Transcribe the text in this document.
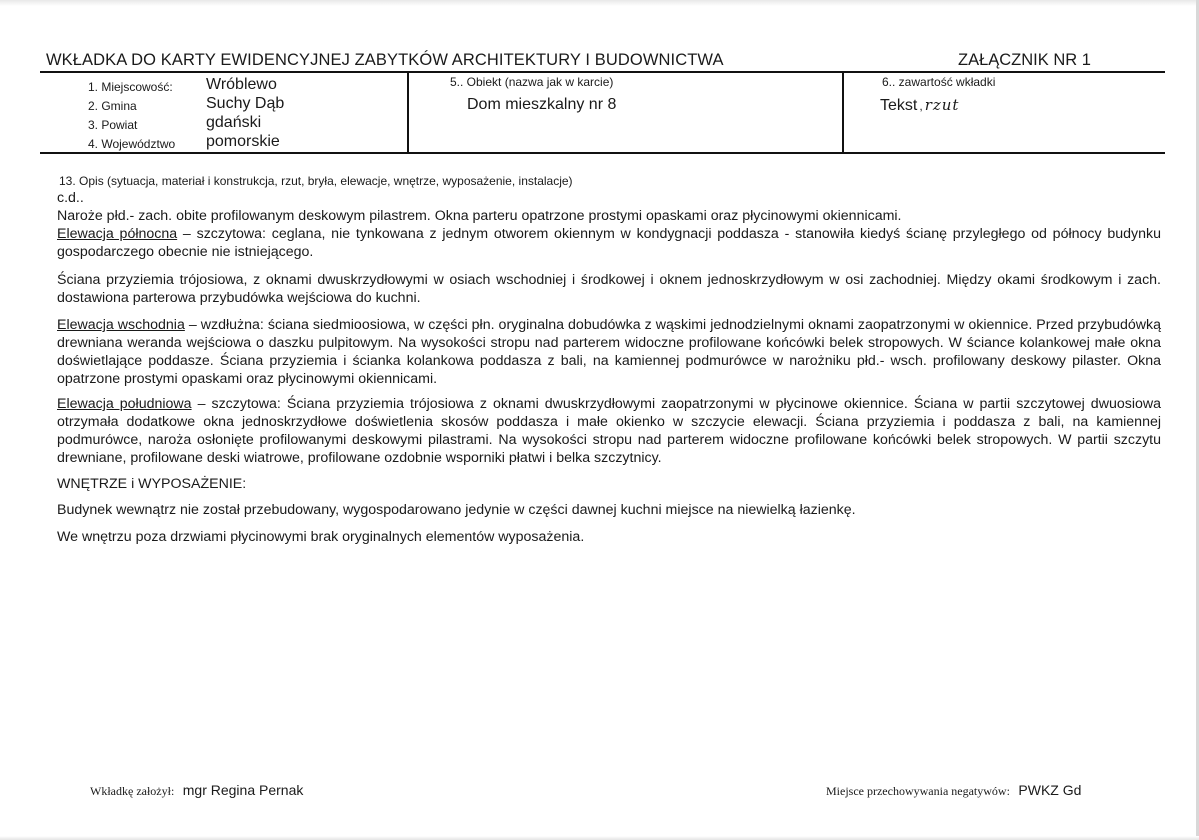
WKŁADKA DO KARTY EWIDENCYJNEJ ZABYTKÓW ARCHITEKTURY I BUDOWNICTWA	ZAŁĄCZNIK NR 1
1. Miejscowość: Wróblewo
2. Gmina	Suchy Dąb
3. Powiat	gdański
4. Województwo pomorskie
5.. Obiekt (nazwa jak w karcie)
Dom mieszkalny nr 8
6.. zawartość wkładki
Tekst , rzut
13. Opis (sytuacja, materiał i konstrukcja, rzut, bryła, elewacje, wnętrze, wyposażenie, instalacje)
c.d..
Naroże płd.- zach. obite profilowanym deskowym pilastrem. Okna parteru opatrzone prostymi opaskami oraz płycinowymi okiennicami.
Elewacja północna – szczytowa: ceglana, nie tynkowana z jednym otworem okiennym w kondygnacji poddasza - stanowiła kiedyś ścianę przyległego od północy budynku gospodarczego obecnie nie istniejącego.
Ściana przyziemia trójosiowa, z oknami dwuskrzydłowymi w osiach wschodniej i środkowej i oknem jednoskrzydłowym w osi zachodniej. Między okami środkowym i zach. dostawiona parterowa przybudówka wejściowa do kuchni.
Elewacja wschodnia – wzdłużna: ściana siedmioosiowa, w części płn. oryginalna dobudówka z wąskimi jednodzielnymi oknami zaopatrzonymi w okiennice. Przed przybudówką drewniana weranda wejściowa o daszku pulpitowym. Na wysokości stropu nad parterem widoczne profilowane końcówki belek stropowych. W ściance kolankowej małe okna doświetlające poddasze. Ściana przyziemia i ścianka kolankowa poddasza z bali, na kamiennej podmurówce w narożniku płd.- wsch. profilowany deskowy pilaster. Okna opatrzone prostymi opaskami oraz płycinowymi okiennicami.
Elewacja południowa – szczytowa: Ściana przyziemia trójosiowa z oknami dwuskrzydłowymi zaopatrzonymi w płycinowe okiennice. Ściana w partii szczytowej dwuosiowa otrzymała dodatkowe okna jednoskrzydłowe doświetlenia skosów poddasza i małe okienko w szczycie elewacji. Ściana przyziemia i poddasza z bali, na kamiennej podmurówce, naroża osłonięte profilowanymi deskowymi pilastrami. Na wysokości stropu nad parterem widoczne profilowane końcówki belek stropowych. W partii szczytu drewniane, profilowane deski wiatrowe, profilowane ozdobnie wsporniki płatwi i belka szczytnicy.
WNĘTRZE i WYPOSAŻENIE:
Budynek wewnątrz nie został przebudowany, wygospodarowano jedynie w części dawnej kuchni miejsce na niewielką łazienkę.
We wnętrzu poza drzwiami płycinowymi brak oryginalnych elementów wyposażenia.
Wkładkę założył: mgr Regina Pernak	Miejsce przechowywania negatywów: PWKZ Gd
